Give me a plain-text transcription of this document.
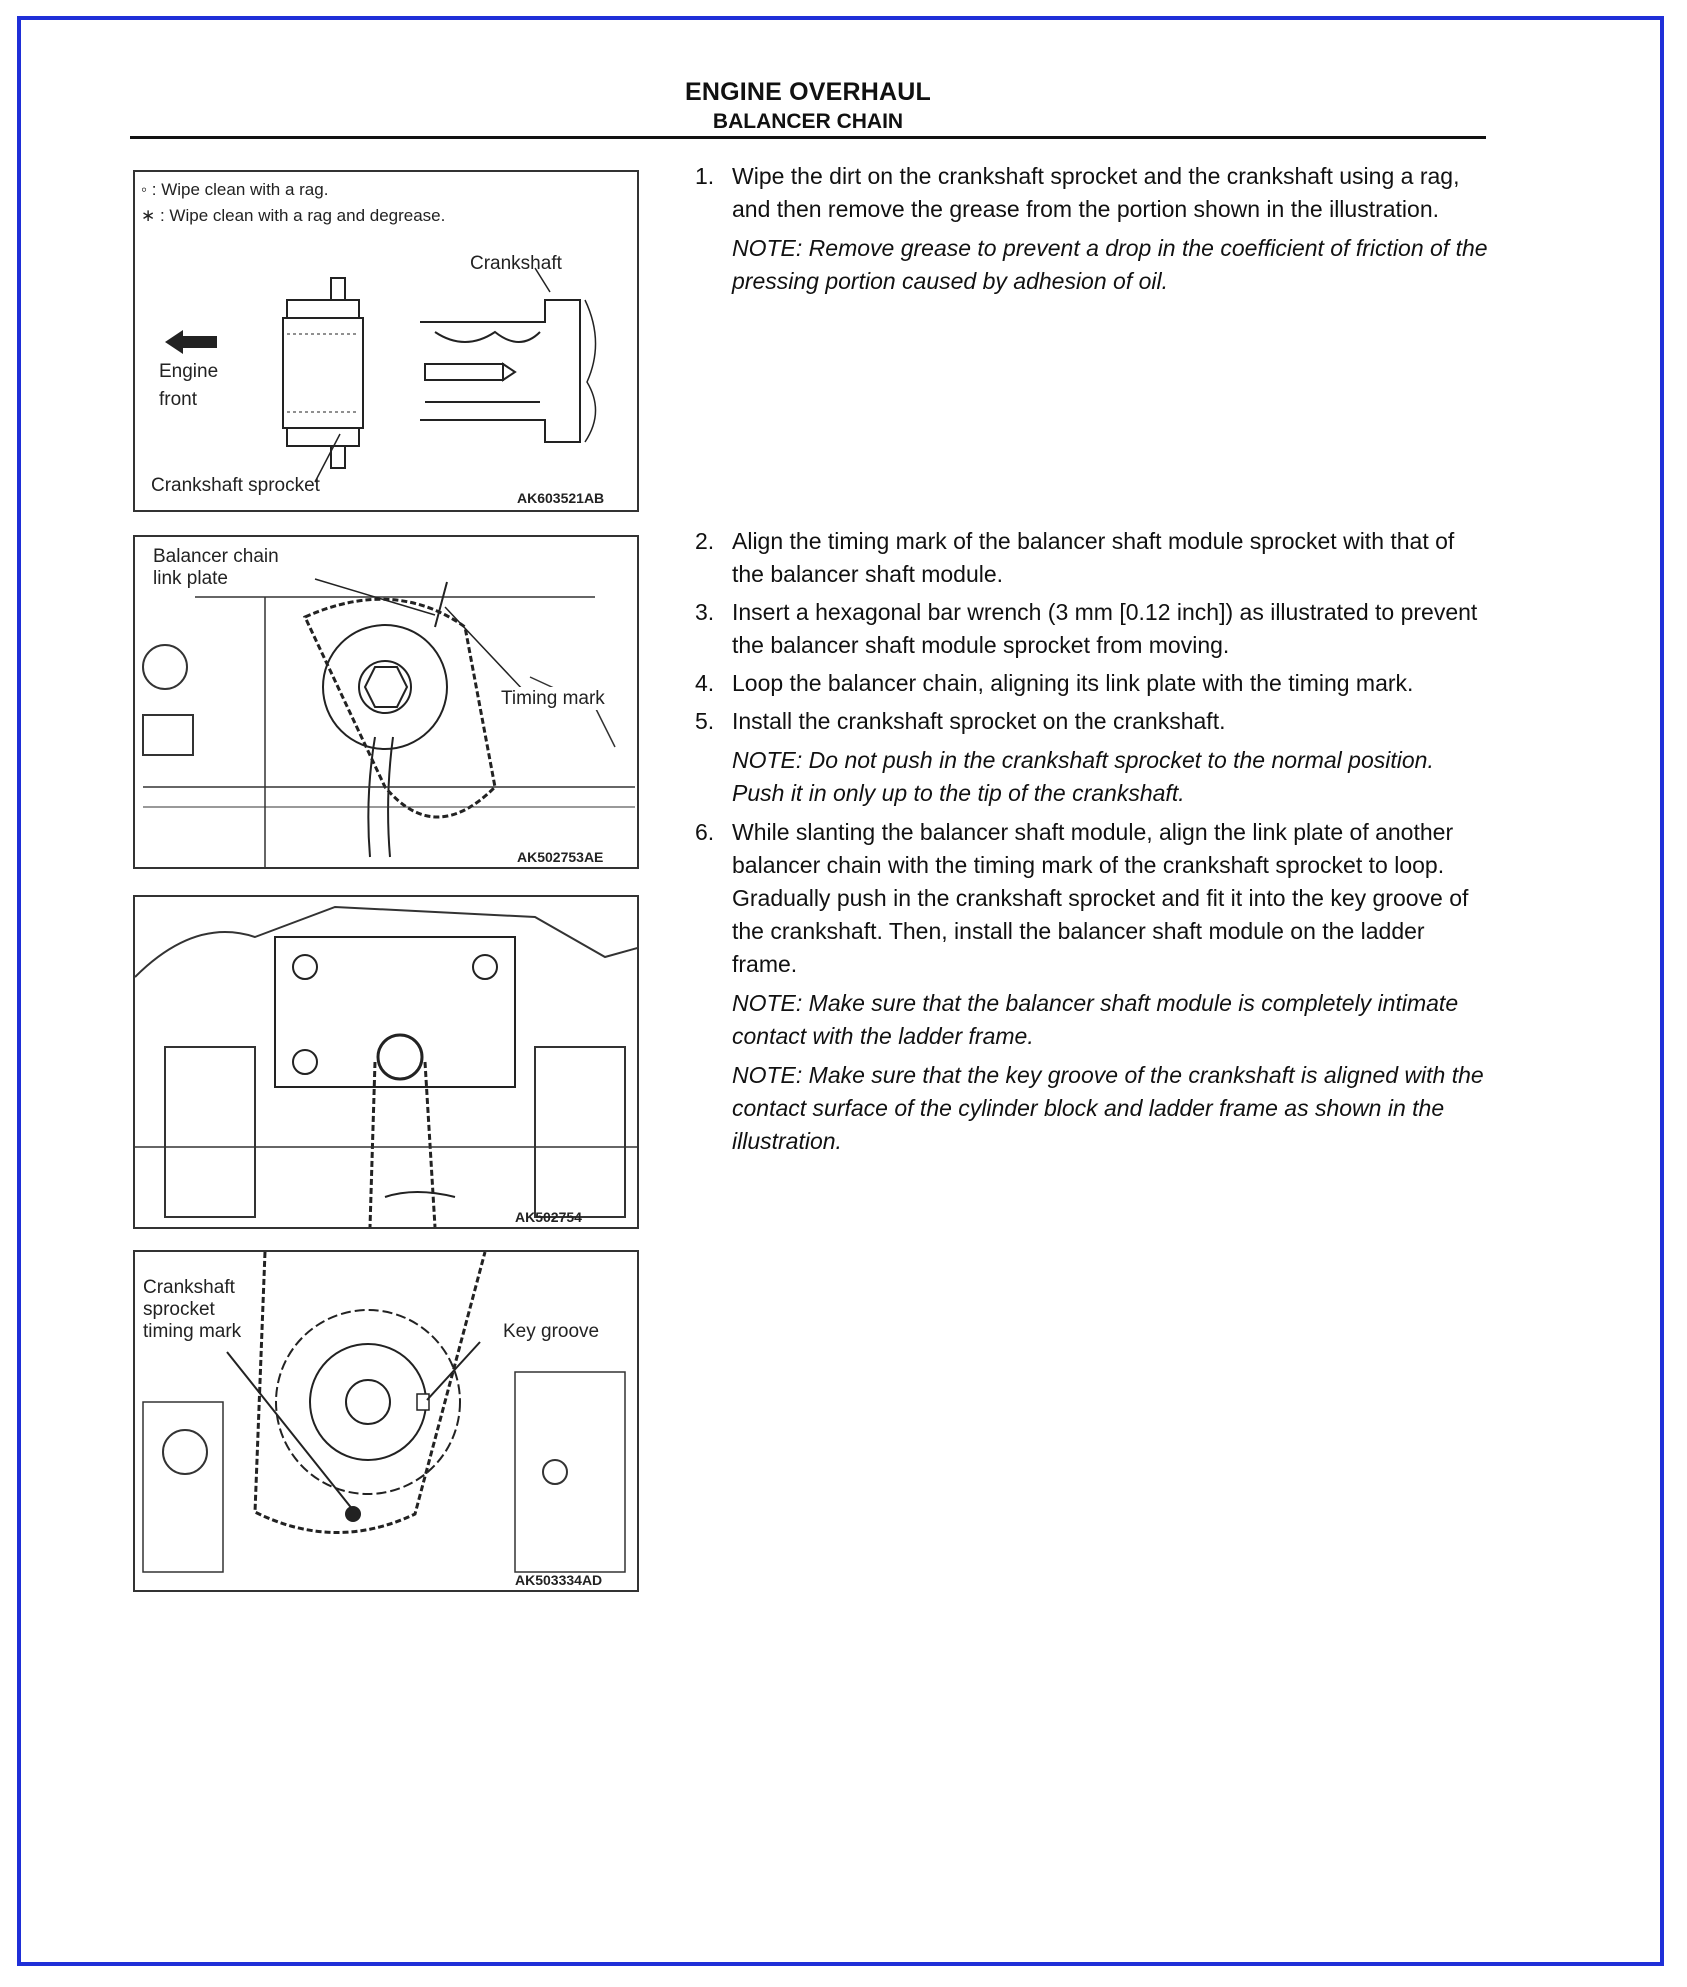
ENGINE OVERHAUL
BALANCER CHAIN
◦ : Wipe clean with a rag.
∗ : Wipe clean with a rag and degrease.
Crankshaft
Engine
front
Crankshaft sprocket
AK603521AB
Balancer chain
link plate
Timing mark
AK502753AE
AK502754
Crankshaft
sprocket
timing mark	Key groove
AK503334AD
1. Wipe the dirt on the crankshaft sprocket and the crankshaft using a rag, and then remove the grease from the portion shown in the illustration.
NOTE: Remove grease to prevent a drop in the coefficient of friction of the pressing portion caused by adhesion of oil.
2. Align the timing mark of the balancer shaft module sprocket with that of the balancer shaft module.
3. Insert a hexagonal bar wrench (3 mm [0.12 inch]) as illustrated to prevent the balancer shaft module sprocket from moving.
4. Loop the balancer chain, aligning its link plate with the timing mark.
5. Install the crankshaft sprocket on the crankshaft.
NOTE: Do not push in the crankshaft sprocket to the normal position. Push it in only up to the tip of the crankshaft.
6. While slanting the balancer shaft module, align the link plate of another balancer chain with the timing mark of the crankshaft sprocket to loop. Gradually push in the crankshaft sprocket and fit it into the key groove of the crankshaft. Then, install the balancer shaft module on the ladder frame.
NOTE: Make sure that the balancer shaft module is completely intimate contact with the ladder frame.
NOTE: Make sure that the key groove of the crankshaft is aligned with the contact surface of the cylinder block and ladder frame as shown in the illustration.
